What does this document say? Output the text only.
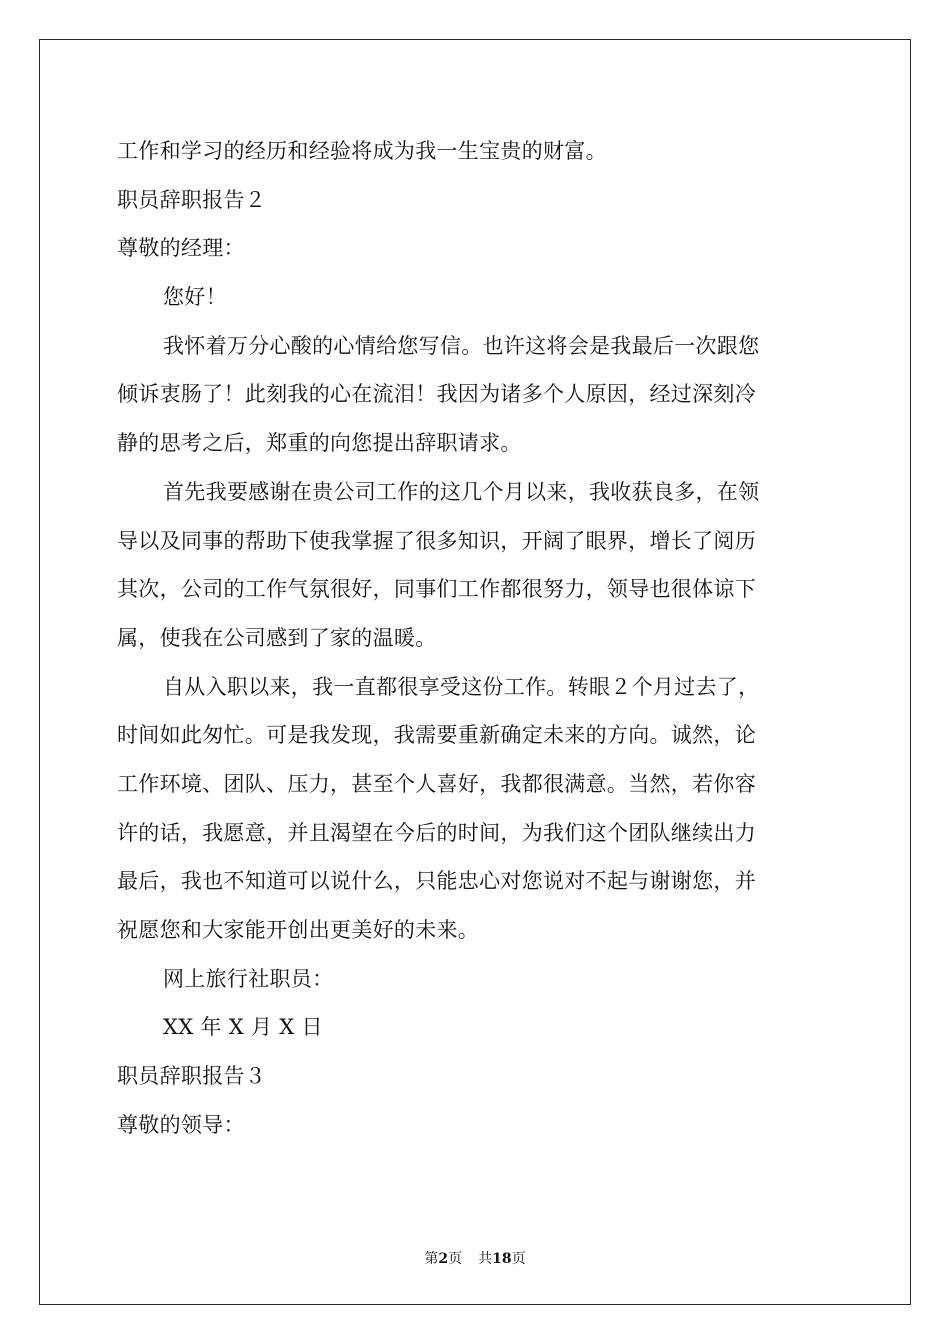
工作和学习的经历和经验将成为我一生宝贵的财富。
职员辞职报告２
尊敬的经理：
您好！
我怀着万分心酸的心情给您写信。也许这将会是我最后一次跟您
倾诉衷肠了！此刻我的心在流泪！我因为诸多个人原因，经过深刻冷
静的思考之后，郑重的向您提出辞职请求。
首先我要感谢在贵公司工作的这几个月以来，我收获良多，在领
导以及同事的帮助下使我掌握了很多知识，开阔了眼界，增长了阅历
其次，公司的工作气氛很好，同事们工作都很努力，领导也很体谅下
属，使我在公司感到了家的温暖。
自从入职以来，我一直都很享受这份工作。转眼２个月过去了，
时间如此匆忙。可是我发现，我需要重新确定未来的方向。诚然，论
工作环境、团队、压力，甚至个人喜好，我都很满意。当然，若你容
许的话，我愿意，并且渴望在今后的时间，为我们这个团队继续出力
最后，我也不知道可以说什么，只能忠心对您说对不起与谢谢您，并
祝愿您和大家能开创出更美好的未来。
网上旅行社职员：
XX 年 X 月 X 日
职员辞职报告３
尊敬的领导：
第2页 共18页
